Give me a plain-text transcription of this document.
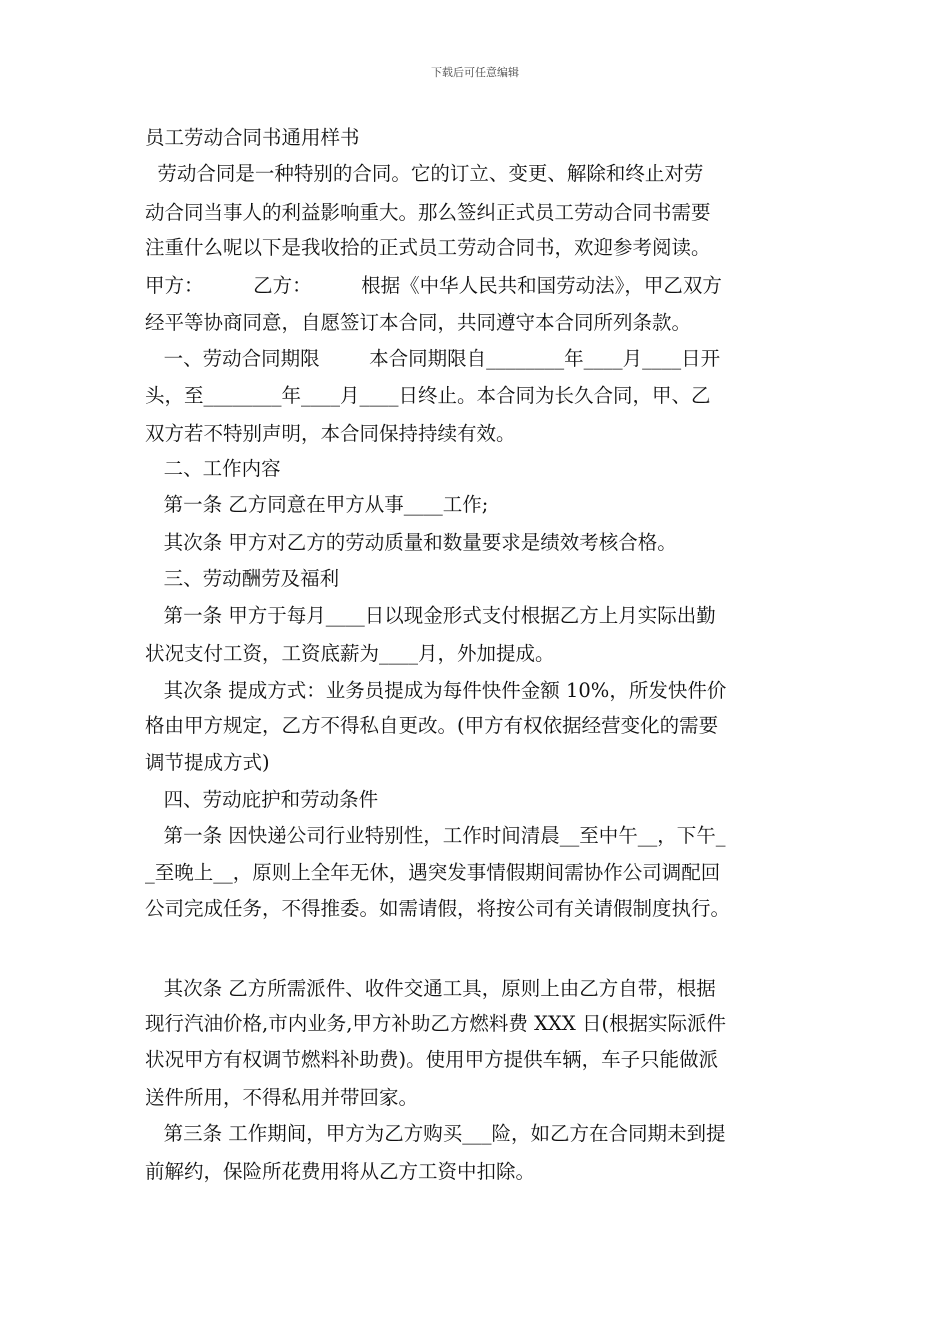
下载后可任意编辑
员工劳动合同书通用样书
劳动合同是一种特别的合同。它的订立、变更、解除和终止对劳
动合同当事人的利益影响重大。那么签纠正式员工劳动合同书需要
注重什么呢以下是我收拾的正式员工劳动合同书，欢迎参考阅读。
甲方：        乙方：        根据《中华人民共和国劳动法》，甲乙双方
经平等协商同意，自愿签订本合同，共同遵守本合同所列条款。
一、劳动合同期限        本合同期限自________年____月____日开
头，至________年____月____日终止。本合同为长久合同，甲、乙
双方若不特别声明，本合同保持持续有效。
二、工作内容
第一条 乙方同意在甲方从事____工作;
其次条 甲方对乙方的劳动质量和数量要求是绩效考核合格。
三、劳动酬劳及福利
第一条 甲方于每月____日以现金形式支付根据乙方上月实际出勤
状况支付工资，工资底薪为____月，外加提成。
其次条 提成方式：业务员提成为每件快件金额 10%，所发快件价
格由甲方规定，乙方不得私自更改。(甲方有权依据经营变化的需要
调节提成方式)
四、劳动庇护和劳动条件
第一条 因快递公司行业特别性，工作时间清晨__至中午__，下午_
_至晚上__，原则上全年无休，遇突发事情假期间需协作公司调配回
公司完成任务，不得推委。如需请假，将按公司有关请假制度执行。
其次条 乙方所需派件、收件交通工具，原则上由乙方自带，根据
现行汽油价格,市内业务,甲方补助乙方燃料费 XXX 日(根据实际派件
状况甲方有权调节燃料补助费)。使用甲方提供车辆，车子只能做派
送件所用，不得私用并带回家。
第三条 工作期间，甲方为乙方购买___险，如乙方在合同期未到提
前解约，保险所花费用将从乙方工资中扣除。
